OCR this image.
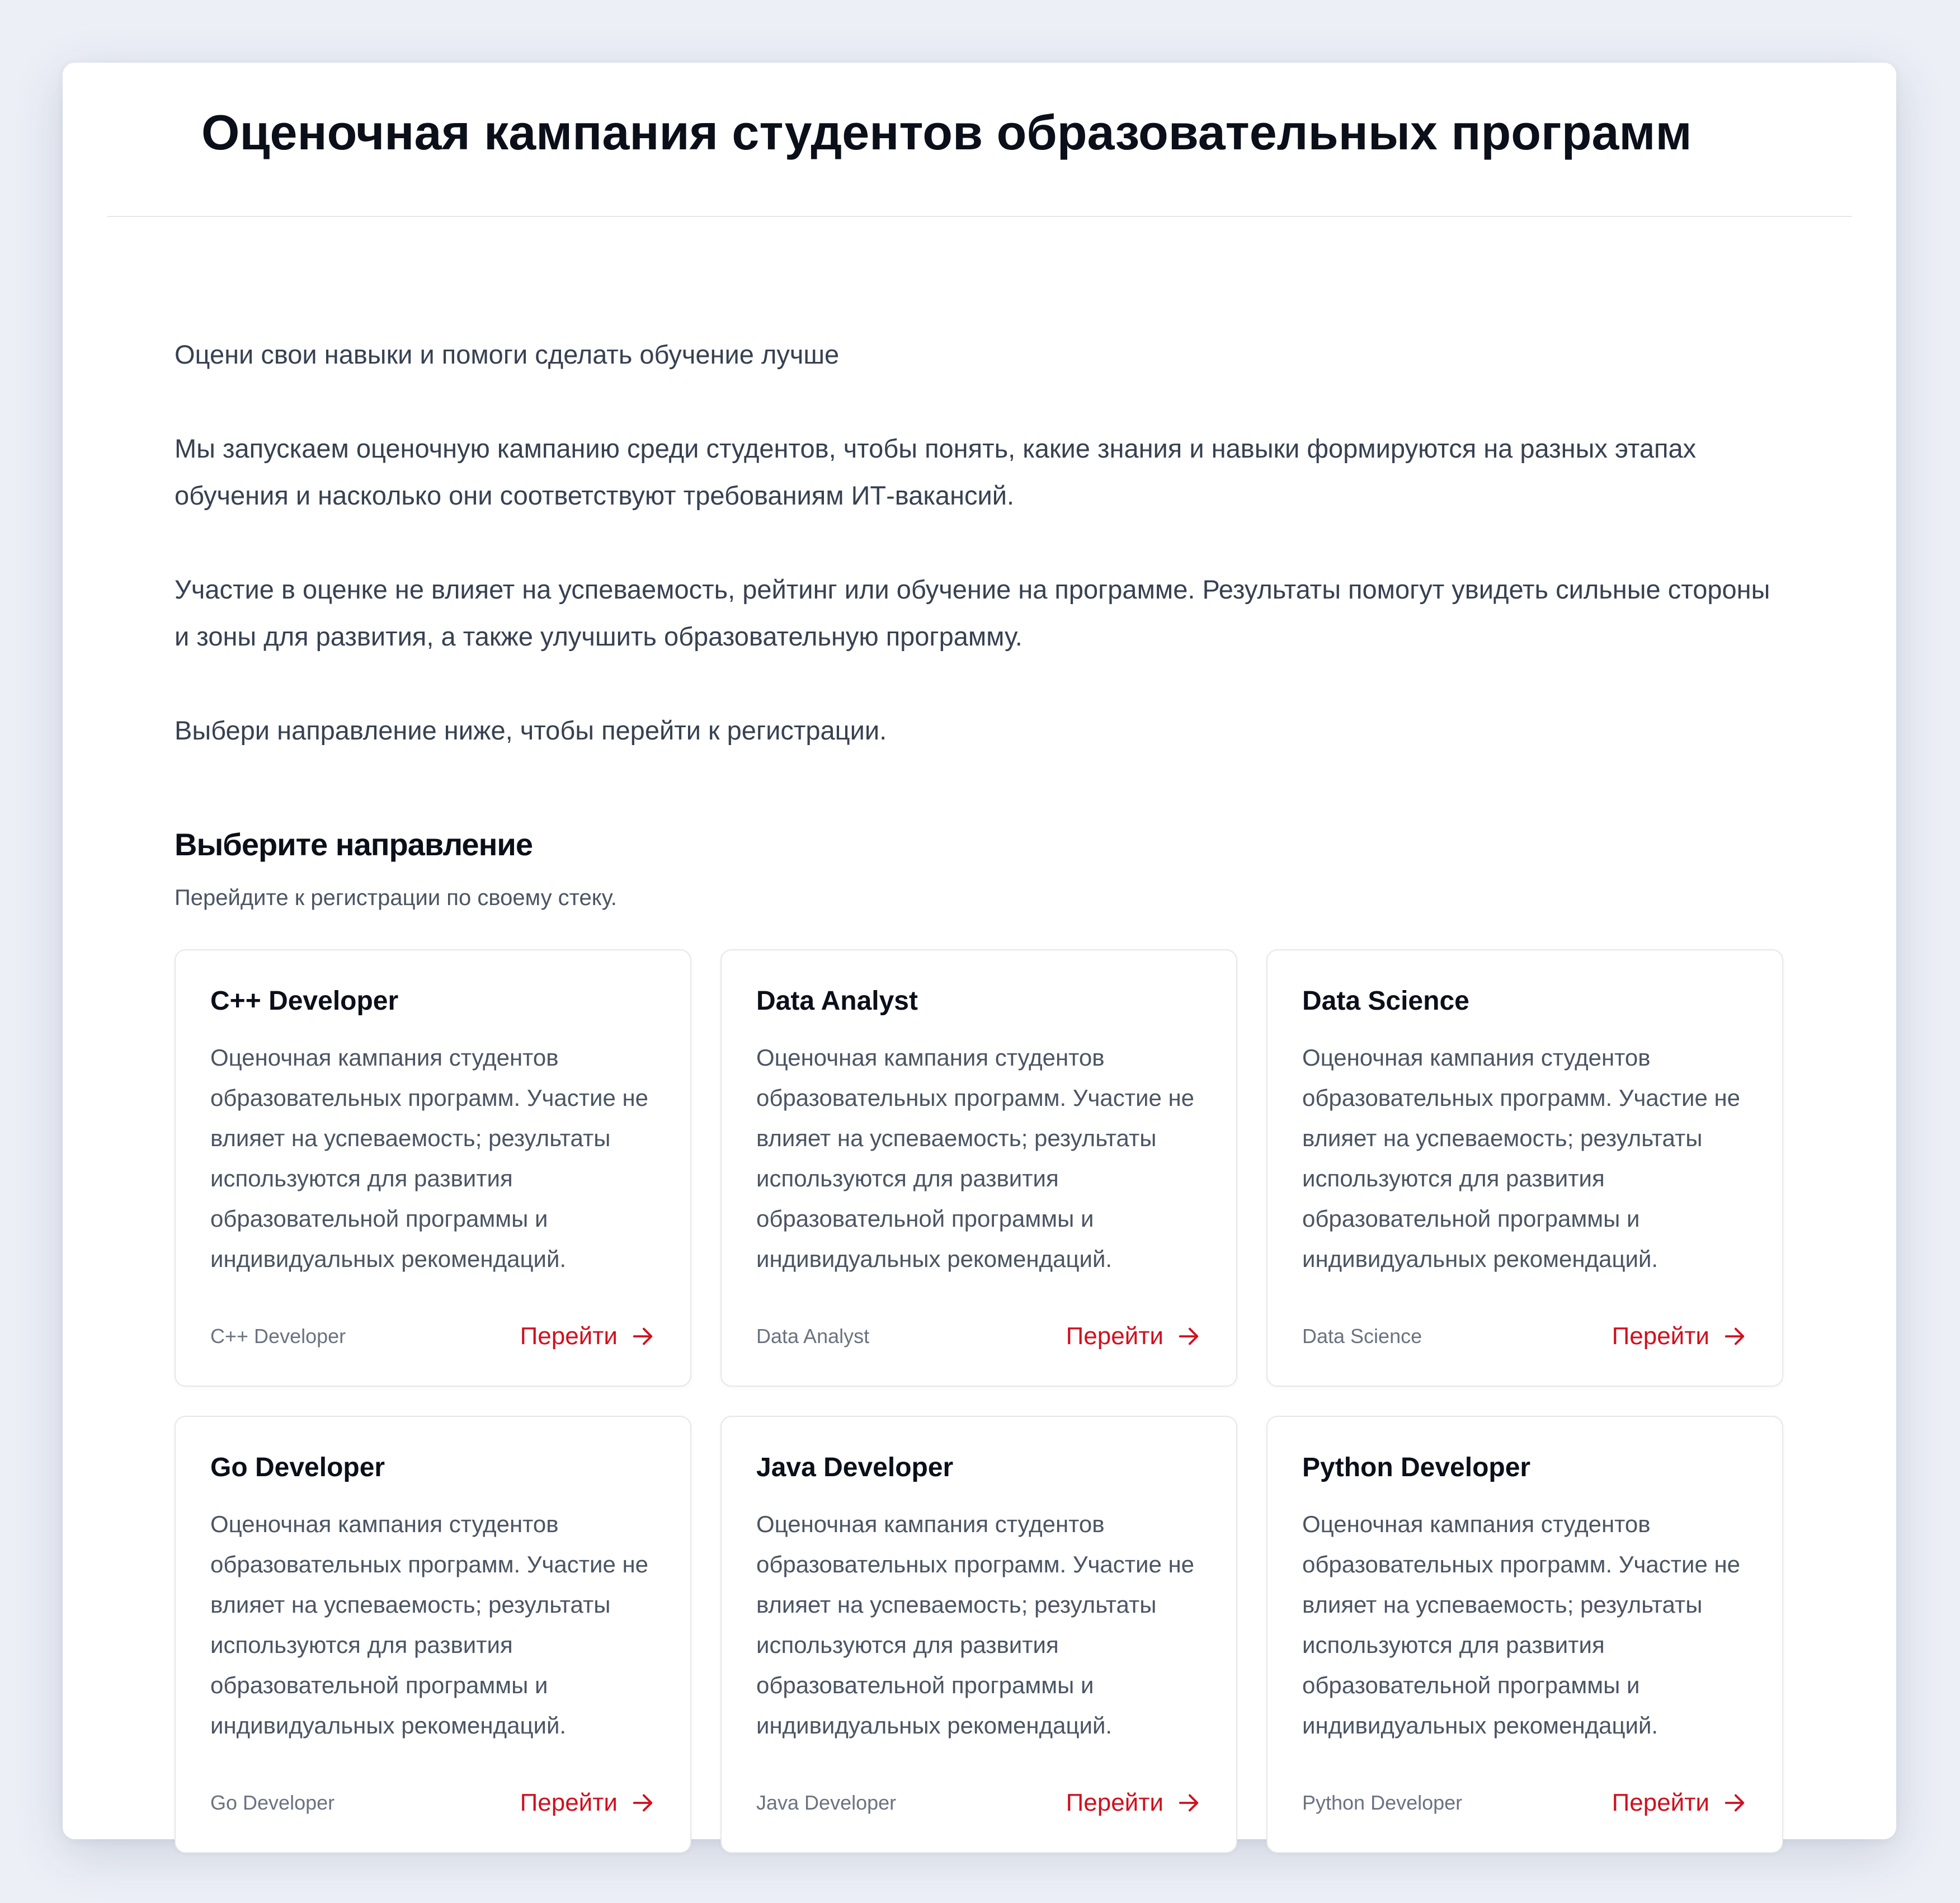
Оценочная кампания студентов образовательных программ

Оцени свои навыки и помоги сделать обучение лучше

Мы запускаем оценочную кампанию среди студентов, чтобы понять, какие знания и навыки формируются на разных этапах обучения и насколько они соответствуют требованиям ИТ-вакансий.

Участие в оценке не влияет на успеваемость, рейтинг или обучение на программе. Результаты помогут увидеть сильные стороны и зоны для развития, а также улучшить образовательную программу.

Выбери направление ниже, чтобы перейти к регистрации.

Выберите направление

Перейдите к регистрации по своему стеку.

C++ Developer

Оценочная кампания студентов образовательных программ. Участие не влияет на успеваемость; результаты используются для развития образовательной программы и индивидуальных рекомендаций.

C++ Developer	Перейти
Data Analyst

Оценочная кампания студентов образовательных программ. Участие не влияет на успеваемость; результаты используются для развития образовательной программы и индивидуальных рекомендаций.

Data Analyst	Перейти
Data Science

Оценочная кампания студентов образовательных программ. Участие не влияет на успеваемость; результаты используются для развития образовательной программы и индивидуальных рекомендаций.

Data Science	Перейти
Go Developer

Оценочная кампания студентов образовательных программ. Участие не влияет на успеваемость; результаты используются для развития образовательной программы и индивидуальных рекомендаций.

Go Developer	Перейти
Java Developer

Оценочная кампания студентов образовательных программ. Участие не влияет на успеваемость; результаты используются для развития образовательной программы и индивидуальных рекомендаций.

Java Developer	Перейти
Python Developer

Оценочная кампания студентов образовательных программ. Участие не влияет на успеваемость; результаты используются для развития образовательной программы и индивидуальных рекомендаций.

Python Developer	Перейти
